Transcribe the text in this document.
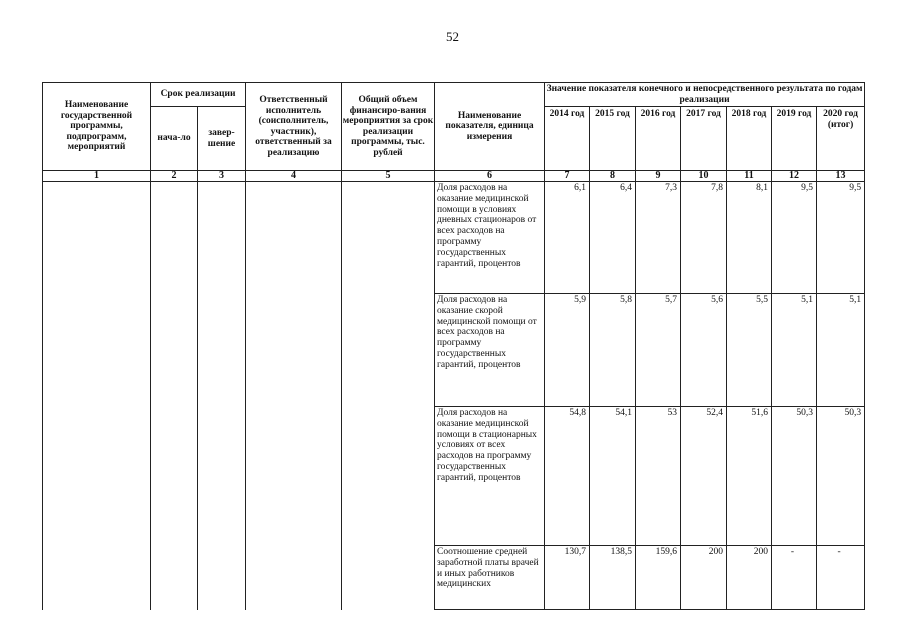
52
Наименование государственной программы, подпрограмм, мероприятий	Срок реализации		Ответственный исполнитель (соисполнитель, участник), ответственный за реализацию	Общий объем финансиро-вания мероприятия за срок реализации программы, тыс. рублей	Наименование показателя, единица измерения	Значение показателя конечного и непосредственного результата по годам реализации						
	нача-ло	завер-шение				2014 год	2015 год	2016 год	2017 год	2018 год	2019 год	2020 год (итог)
1	2	3	4	5	6	7	8	9	10	11	12	13
					Доля расходов на оказание медицинской помощи в условиях дневных стационаров от всех расходов на программу государственных гарантий, процентов	6,1	6,4	7,3	7,8	8,1	9,5	9,5
					Доля расходов на оказание скорой медицинской помощи от всех расходов на программу государственных гарантий, процентов	5,9	5,8	5,7	5,6	5,5	5,1	5,1
					Доля расходов на оказание медицинской помощи в стационарных условиях от всех расходов на программу государственных гарантий, процентов	54,8	54,1	53	52,4	51,6	50,3	50,3
					Соотношение средней заработной платы врачей и иных работников медицинских	130,7	138,5	159,6	200	200	-	-
